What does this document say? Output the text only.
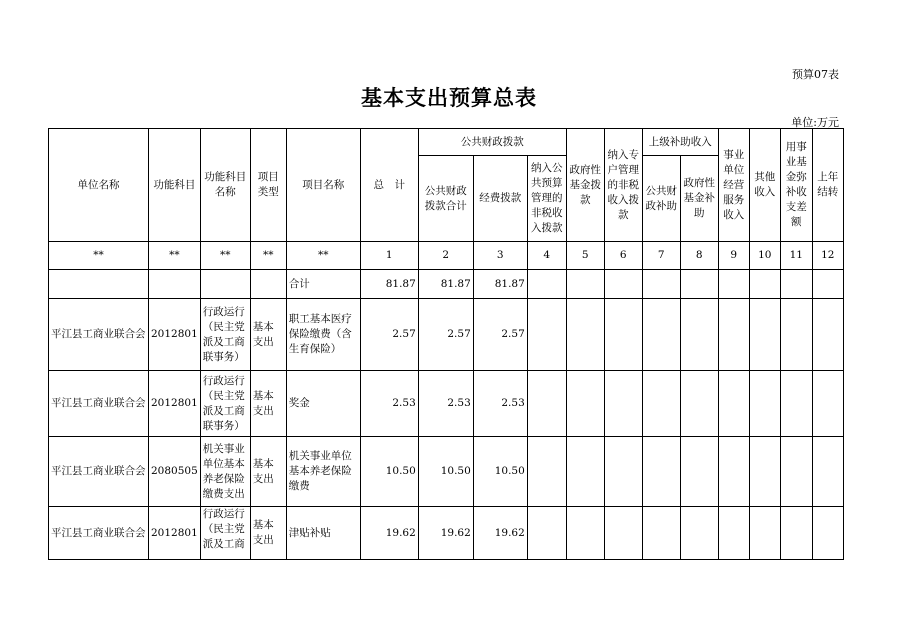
预算07表
基本支出预算总表
单位:万元
单位名称	功能科目	功能科目名称	项目类型	项目名称	总　计	公共财政拨款			政府性基金拨款	纳入专户管理的非税收入拨款	上级补助收入		事业单位经营服务收入	其他收入	用事业基金弥补收支差额	上年结转
						公共财政拨款合计	经费拨款	纳入公共预算管理的非税收入拨款			公共财政补助	政府性基金补助				
**	**	**	**	**	1	2	3	4	5	6	7	8	9	10	11	12
				合计	81.87	81.87	81.87									
平江县工商业联合会	2012801	行政运行（民主党派及工商联事务）	基本支出	职工基本医疗保险缴费（含生育保险）	2.57	2.57	2.57									
平江县工商业联合会	2012801	行政运行（民主党派及工商联事务）	基本支出	奖金	2.53	2.53	2.53									
平江县工商业联合会	2080505	机关事业单位基本养老保险缴费支出	基本支出	机关事业单位基本养老保险缴费	10.50	10.50	10.50									
平江县工商业联合会	2012801	行政运行（民主党派及工商	基本支出	津贴补贴	19.62	19.62	19.62									
